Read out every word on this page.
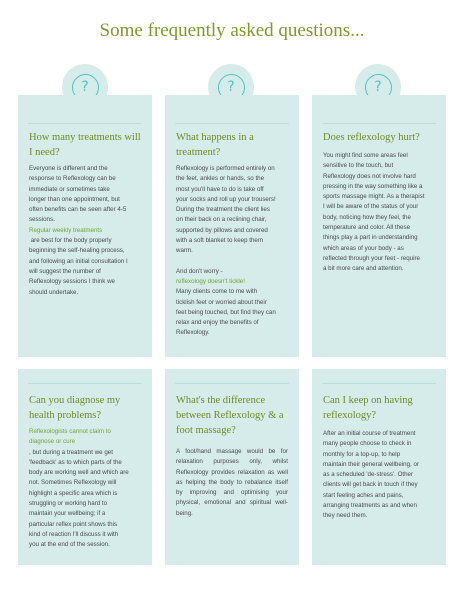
Some frequently asked questions...
?	?	?
How many treatments will I need?

Everyone is different and the

response to Reflexology can be

immediate or sometimes take

longer than one appointment, but

often benefits can be seen after 4-5

sessions.

Regular weekly treatments

are best for the body properly

beginning the self-healing process,

and following an initial consultation I

will suggest the number of

Reflexology sessions I think we

should undertake.

What happens in a treatment?

Reflexology is performed entirely on

the feet, ankles or hands, so the

most you'll have to do is take off

your socks and roll up your trousers!

During the treatment the client lies

on their back on a reclining chair,

supported by pillows and covered

with a soft blanket to keep them

warm.

And don't worry -

reflexology doesn't tickle!

Many clients come to me with

ticklish feet or worried about their

feet being touched, but find they can

relax and enjoy the benefits of

Reflexology.

Does reflexology hurt?

You might find some areas feel

sensitive to the touch, but

Reflexology does not involve hard

pressing in the way something like a

sports massage might. As a therapist

I will be aware of the status of your

body, noticing how they feel, the

temperature and color. All these

things play a part in understanding

which areas of your body - as

reflected through your feet - require

a bit more care and attention.

Can you diagnose my health problems?

Reflexologists cannot claim to diagnose or cure

, but during a treatment we get

'feedback' as to which parts of the

body are working well and which are

not. Sometimes Reflexology will

highlight a specific area which is

struggling or working hard to

maintain your wellbeing; if a

particular reflex point shows this

kind of reaction I'll discuss it with

you at the end of the session.

What's the difference between Reflexology & a foot massage?

A foot/hand massage would be for relaxation purposes only, whilst Reflexology provides relaxation as well as helping the body to rebalance itself by improving and optimising your physical, emotional and spiritual well-being.

Can I keep on having reflexology?

After an initial course of treatment

many people choose to check in

monthly for a top-up, to help

maintain their general wellbeing, or

as a scheduled 'de-stress'. Other

clients will get back in touch if they

start feeling aches and pains,

arranging treatments as and when

they need them.
